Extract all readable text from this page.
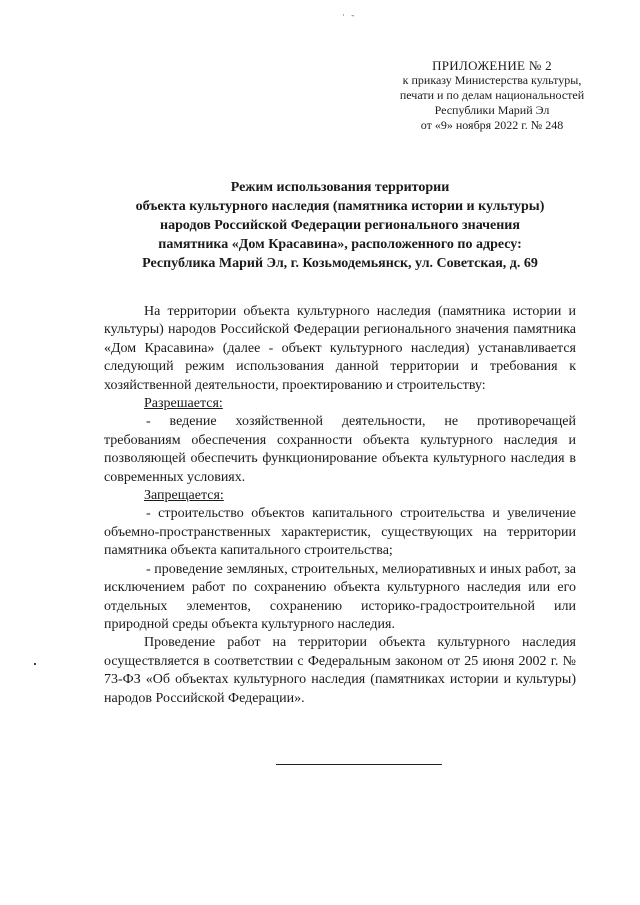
· -
ПРИЛОЖЕНИЕ № 2
к приказу Министерства культуры,
печати и по делам национальностей
Республики Марий Эл
от «9» ноября 2022 г. № 248
Режим использования территории
объекта культурного наследия (памятника истории и культуры)
народов Российской Федерации регионального значения
памятника «Дом Красавина», расположенного по адресу:
Республика Марий Эл, г. Козьмодемьянск, ул. Советская, д. 69

На территории объекта культурного наследия (памятника истории и культуры) народов Российской Федерации регионального значения памятника «Дом Красавина» (далее - объект культурного наследия) устанавливается следующий режим использования данной территории и требования к хозяйственной деятельности, проектированию и строительству:

Разрешается:

- ведение хозяйственной деятельности, не противоречащей требованиям обеспечения сохранности объекта культурного наследия и позволяющей обеспечить функционирование объекта культурного наследия в современных условиях.

Запрещается:

- строительство объектов капитального строительства и увеличение объемно-пространственных характеристик, существующих на территории памятника объекта капитального строительства;

- проведение земляных, строительных, мелиоративных и иных работ, за исключением работ по сохранению объекта культурного наследия или его отдельных элементов, сохранению историко-градостроительной или природной среды объекта культурного наследия.

Проведение работ на территории объекта культурного наследия осуществляется в соответствии с Федеральным законом от 25 июня 2002 г. № 73-ФЗ «Об объектах культурного наследия (памятниках истории и культуры) народов Российской Федерации».
